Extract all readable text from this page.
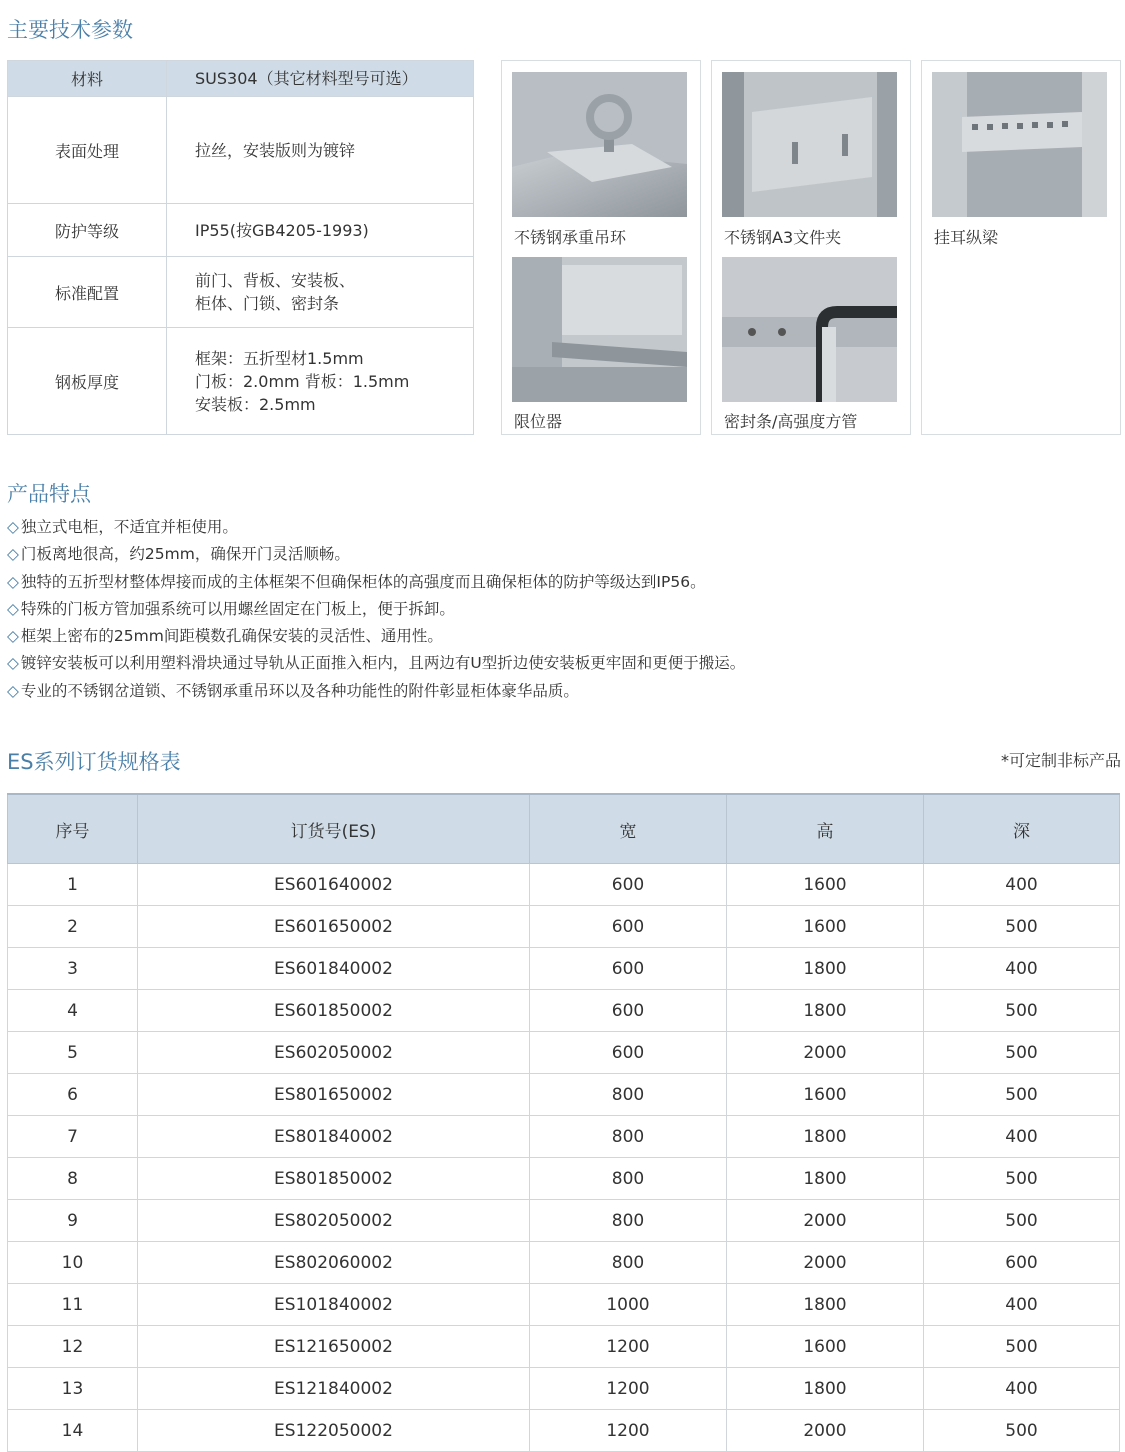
主要技术参数
材料	SUS304（其它材料型号可选）

表面处理	拉丝，安装版则为镀锌

防护等级	IP55(按GB4205-1993)

标准配置	前门、背板、安装板、
柜体、门锁、密封条

钢板厚度	框架：五折型材1.5mm
门板：2.0mm 背板：1.5mm
安装板：2.5mm
不锈钢承重吊环
限位器
不锈钢A3文件夹
密封条/高强度方管
挂耳纵梁
产品特点
◇ 独立式电柜，不适宜并柜使用。
◇ 门板离地很高，约25mm，确保开门灵活顺畅。
◇ 独特的五折型材整体焊接而成的主体框架不但确保柜体的高强度而且确保柜体的防护等级达到IP56。
◇ 特殊的门板方管加强系统可以用螺丝固定在门板上，便于拆卸。
◇ 框架上密布的25mm间距模数孔确保安装的灵活性、通用性。
◇ 镀锌安装板可以利用塑料滑块通过导轨从正面推入柜内，且两边有U型折边使安装板更牢固和更便于搬运。
◇ 专业的不锈钢岔道锁、不锈钢承重吊环以及各种功能性的附件彰显柜体豪华品质。
ES系列订货规格表	*可定制非标产品
序号	订货号(ES)	宽	高	深
1	ES601640002	600	1600	400
2	ES601650002	600	1600	500
3	ES601840002	600	1800	400
4	ES601850002	600	1800	500
5	ES602050002	600	2000	500
6	ES801650002	800	1600	500
7	ES801840002	800	1800	400
8	ES801850002	800	1800	500
9	ES802050002	800	2000	500
10	ES802060002	800	2000	600
11	ES101840002	1000	1800	400
12	ES121650002	1200	1600	500
13	ES121840002	1200	1800	400
14	ES122050002	1200	2000	500
